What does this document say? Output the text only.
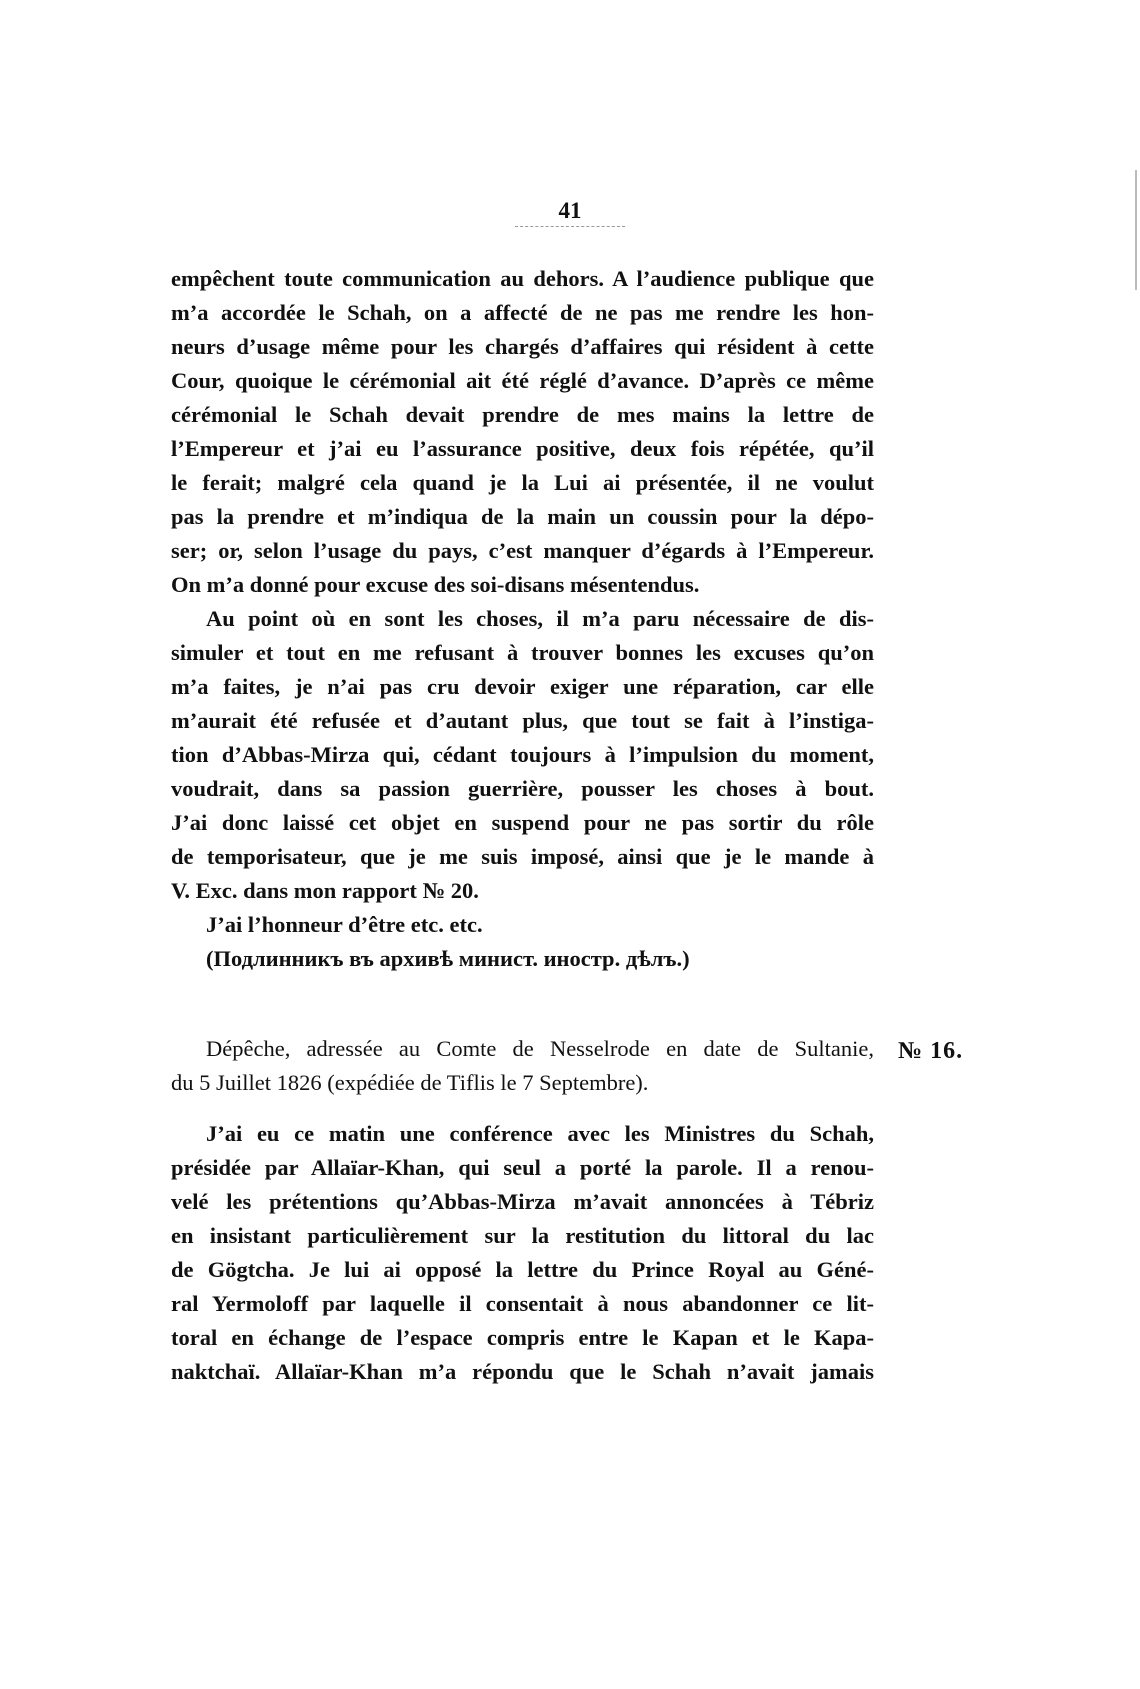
41
empêchent toute communication au dehors. A l’audience publique que
m’a accordée le Schah, on a affecté de ne pas me rendre les hon-
neurs d’usage même pour les chargés d’affaires qui résident à cette
Cour, quoique le cérémonial ait été réglé d’avance. D’après ce même
cérémonial le Schah devait prendre de mes mains la lettre de
l’Empereur et j’ai eu l’assurance positive, deux fois répétée, qu’il
le ferait; malgré cela quand je la Lui ai présentée, il ne voulut
pas la prendre et m’indiqua de la main un coussin pour la dépo-
ser; or, selon l’usage du pays, c’est manquer d’égards à l’Empereur.
On m’a donné pour excuse des soi-disans mésentendus.
Au point où en sont les choses, il m’a paru nécessaire de dis-
simuler et tout en me refusant à trouver bonnes les excuses qu’on
m’a faites, je n’ai pas cru devoir exiger une réparation, car elle
m’aurait été refusée et d’autant plus, que tout se fait à l’instiga-
tion d’Abbas-Mirza qui, cédant toujours à l’impulsion du moment,
voudrait, dans sa passion guerrière, pousser les choses à bout.
J’ai donc laissé cet objet en suspend pour ne pas sortir du rôle
de temporisateur, que je me suis imposé, ainsi que je le mande à
V. Exc. dans mon rapport № 20.
J’ai l’honneur d’être etc. etc.
(Подлинникъ въ архивѣ минист. иностр. дѣлъ.)
Dépêche, adressée au Comte de Nesselrode en date de Sultanie,
du 5 Juillet 1826 (expédiée de Tiflis le 7 Septembre).
№ 16.
J’ai eu ce matin une conférence avec les Ministres du Schah,
présidée par Allaïar-Khan, qui seul a porté la parole. Il a renou-
velé les prétentions qu’Abbas-Mirza m’avait annoncées à Tébriz
en insistant particulièrement sur la restitution du littoral du lac
de Gögtcha. Je lui ai opposé la lettre du Prince Royal au Géné-
ral Yermoloff par laquelle il consentait à nous abandonner ce lit-
toral en échange de l’espace compris entre le Kapan et le Kapa-
naktchaï. Allaïar-Khan m’a répondu que le Schah n’avait jamais
